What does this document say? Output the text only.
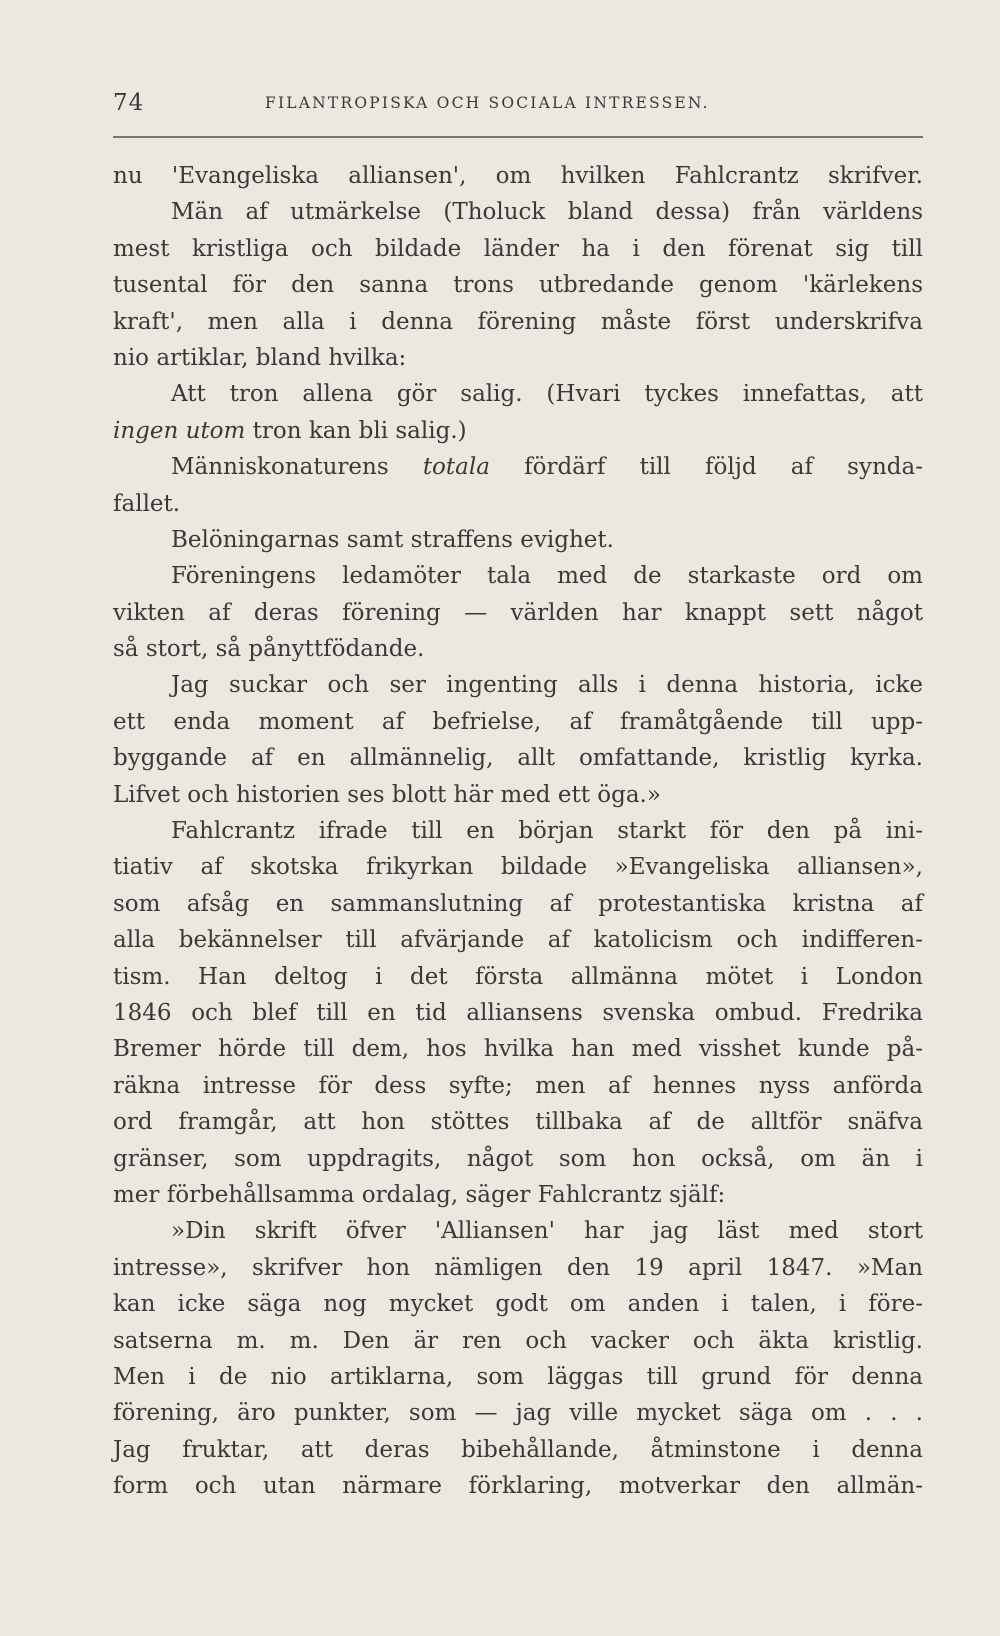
74	FILANTROPISKA OCH SOCIALA INTRESSEN.
nu 'Evangeliska alliansen', om hvilken Fahlcrantz skrifver.
Män af utmärkelse (Tholuck bland dessa) från världens
mest kristliga och bildade länder ha i den förenat sig till
tusental för den sanna trons utbredande genom 'kärlekens
kraft', men alla i denna förening måste först underskrifva
nio artiklar, bland hvilka:
Att tron allena gör salig. (Hvari tyckes innefattas, att
ingen utom tron kan bli salig.)
Människonaturens totala fördärf till följd af synda-
fallet.
Belöningarnas samt straffens evighet.
Föreningens ledamöter tala med de starkaste ord om
vikten af deras förening — världen har knappt sett något
så stort, så pånyttfödande.
Jag suckar och ser ingenting alls i denna historia, icke
ett enda moment af befrielse, af framåtgående till upp-
byggande af en allmännelig, allt omfattande, kristlig kyrka.
Lifvet och historien ses blott här med ett öga.»
Fahlcrantz ifrade till en början starkt för den på ini-
tiativ af skotska frikyrkan bildade »Evangeliska alliansen»,
som afsåg en sammanslutning af protestantiska kristna af
alla bekännelser till afvärjande af katolicism och indifferen-
tism. Han deltog i det första allmänna mötet i London
1846 och blef till en tid alliansens svenska ombud. Fredrika
Bremer hörde till dem, hos hvilka han med visshet kunde på-
räkna intresse för dess syfte; men af hennes nyss anförda
ord framgår, att hon stöttes tillbaka af de alltför snäfva
gränser, som uppdragits, något som hon också, om än i
mer förbehållsamma ordalag, säger Fahlcrantz själf:
»Din skrift öfver 'Alliansen' har jag läst med stort
intresse», skrifver hon nämligen den 19 april 1847. »Man
kan icke säga nog mycket godt om anden i talen, i före-
satserna m. m. Den är ren och vacker och äkta kristlig.
Men i de nio artiklarna, som läggas till grund för denna
förening, äro punkter, som — jag ville mycket säga om . . .
Jag fruktar, att deras bibehållande, åtminstone i denna
form och utan närmare förklaring, motverkar den allmän-
